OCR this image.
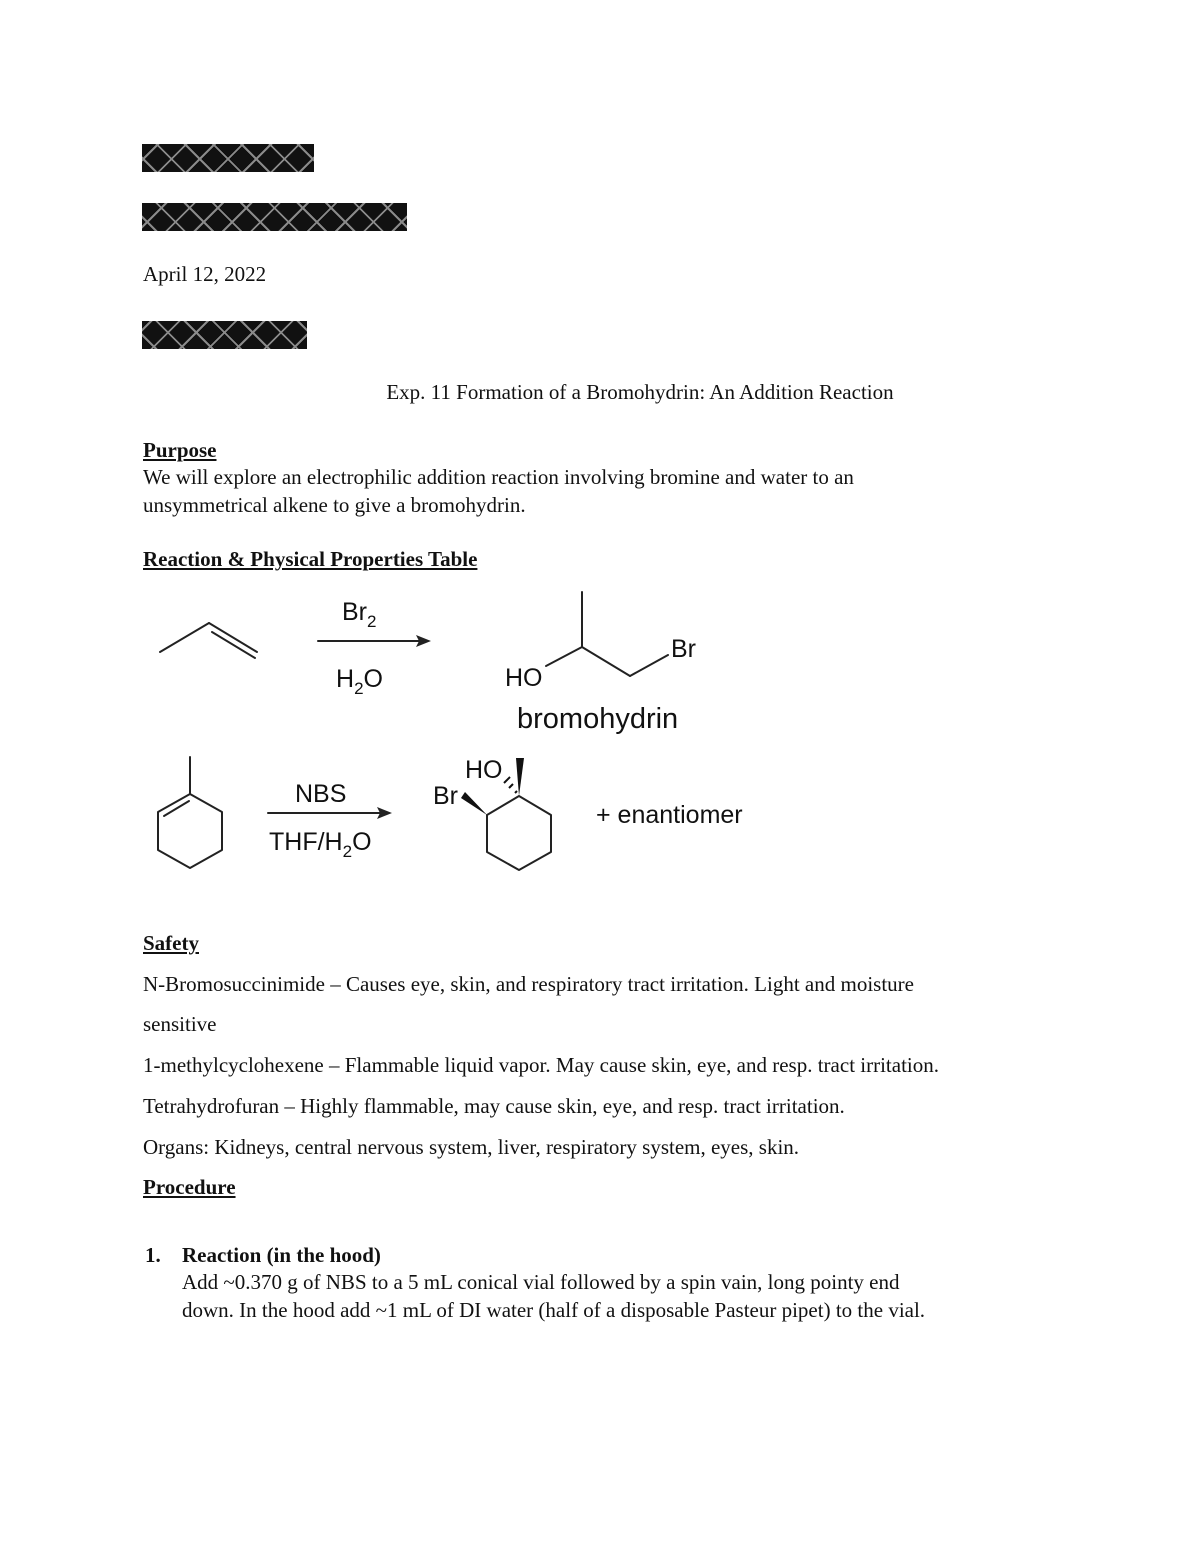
April 12, 2022
Exp. 11 Formation of a Bromohydrin: An Addition Reaction
Purpose
We will explore an electrophilic addition reaction involving bromine and water to an
unsymmetrical alkene to give a bromohydrin.
Reaction & Physical Properties Table
$Br_2$
$H_2O$	HO
Br
bromohydrin
NBS
THF/$H_2O$
HO
Br
+ enantiomer
Safety
N-Bromosuccinimide – Causes eye, skin, and respiratory tract irritation. Light and moisture
sensitive
1-methylcyclohexene – Flammable liquid vapor. May cause skin, eye, and resp. tract irritation.
Tetrahydrofuran – Highly flammable, may cause skin, eye, and resp. tract irritation.
Organs: Kidneys, central nervous system, liver, respiratory system, eyes, skin.
Procedure
1. Reaction (in the hood)
Add ~0.370 g of NBS to a 5 mL conical vial followed by a spin vain, long pointy end
down. In the hood add ~1 mL of DI water (half of a disposable Pasteur pipet) to the vial.
